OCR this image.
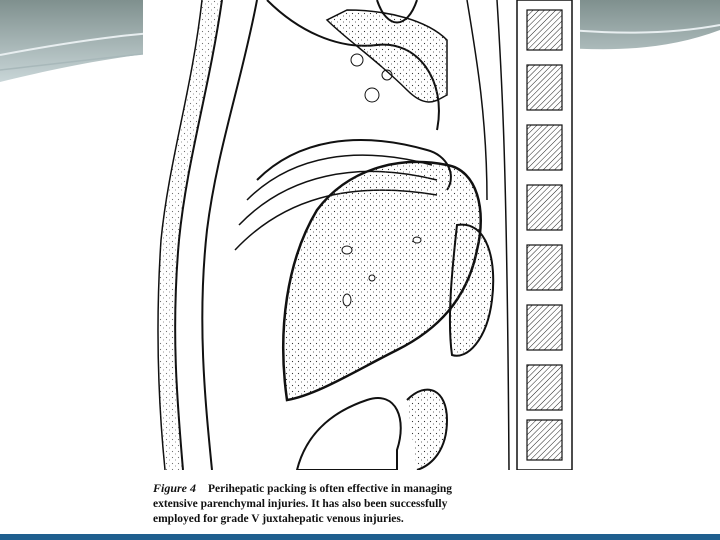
Figure 4 Perihepatic packing is often effective in managing
extensive parenchymal injuries. It has also been successfully
employed for grade V juxtahepatic venous injuries.
